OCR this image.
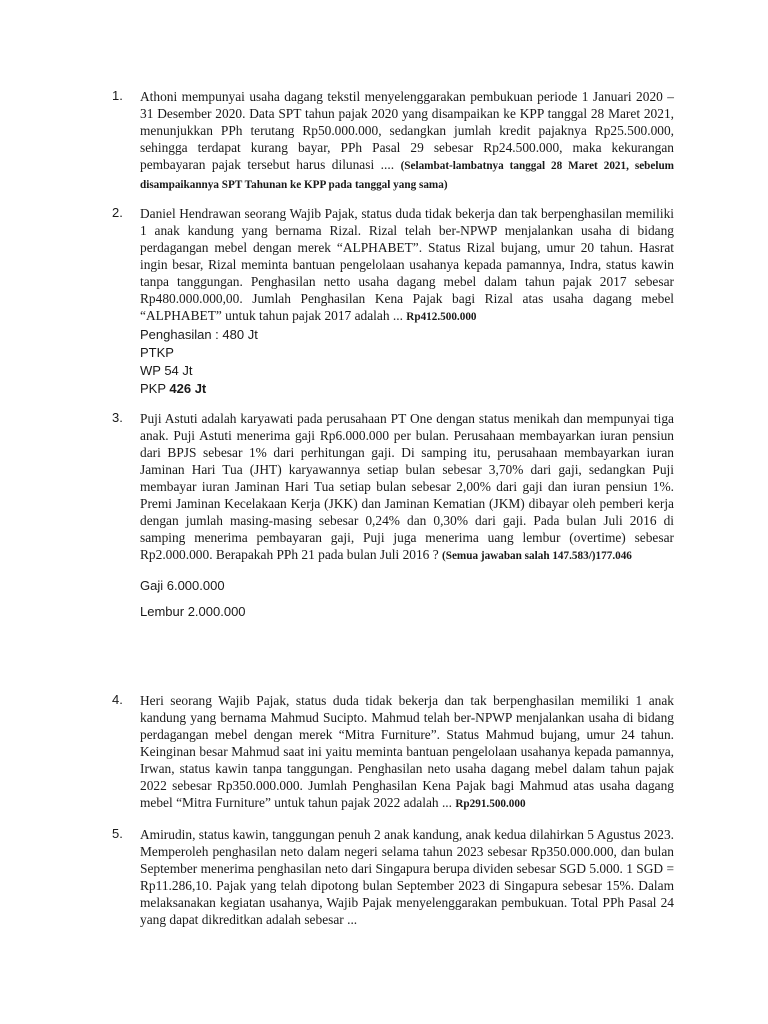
1.	Athoni mempunyai usaha dagang tekstil menyelenggarakan pembukuan periode 1 Januari 2020 – 31 Desember 2020. Data SPT tahun pajak 2020 yang disampaikan ke KPP tanggal 28 Maret 2021, menunjukkan PPh terutang Rp50.000.000, sedangkan jumlah kredit pajaknya Rp25.500.000, sehingga terdapat kurang bayar, PPh Pasal 29 sebesar Rp24.500.000, maka kekurangan pembayaran pajak tersebut harus dilunasi .... (Selambat-lambatnya tanggal 28 Maret 2021, sebelum disampaikannya SPT Tahunan ke KPP pada tanggal yang sama)
2.	Daniel Hendrawan seorang Wajib Pajak, status duda tidak bekerja dan tak berpenghasilan memiliki 1 anak kandung yang bernama Rizal. Rizal telah ber-NPWP menjalankan usaha di bidang perdagangan mebel dengan merek “ALPHABET”. Status Rizal bujang, umur 20 tahun. Hasrat ingin besar, Rizal meminta bantuan pengelolaan usahanya kepada pamannya, Indra, status kawin tanpa tanggungan. Penghasilan netto usaha dagang mebel dalam tahun pajak 2017 sebesar Rp480.000.000,00. Jumlah Penghasilan Kena Pajak bagi Rizal atas usaha dagang mebel “ALPHABET” untuk tahun pajak 2017 adalah ... Rp412.500.000
Penghasilan : 480 Jt
PTKP
WP 54 Jt
PKP 426 Jt
3.	Puji Astuti adalah karyawati pada perusahaan PT One dengan status menikah dan mempunyai tiga anak. Puji Astuti menerima gaji Rp6.000.000 per bulan. Perusahaan membayarkan iuran pensiun dari BPJS sebesar 1% dari perhitungan gaji. Di samping itu, perusahaan membayarkan iuran Jaminan Hari Tua (JHT) karyawannya setiap bulan sebesar 3,70% dari gaji, sedangkan Puji membayar iuran Jaminan Hari Tua setiap bulan sebesar 2,00% dari gaji dan iuran pensiun 1%. Premi Jaminan Kecelakaan Kerja (JKK) dan Jaminan Kematian (JKM) dibayar oleh pemberi kerja dengan jumlah masing-masing sebesar 0,24% dan 0,30% dari gaji. Pada bulan Juli 2016 di samping menerima pembayaran gaji, Puji juga menerima uang lembur (overtime) sebesar Rp2.000.000. Berapakah PPh 21 pada bulan Juli 2016 ? (Semua jawaban salah 147.583/)177.046
Gaji 6.000.000
Lembur 2.000.000
4.	Heri seorang Wajib Pajak, status duda tidak bekerja dan tak berpenghasilan memiliki 1 anak kandung yang bernama Mahmud Sucipto. Mahmud telah ber-NPWP menjalankan usaha di bidang perdagangan mebel dengan merek “Mitra Furniture”. Status Mahmud bujang, umur 24 tahun. Keinginan besar Mahmud saat ini yaitu meminta bantuan pengelolaan usahanya kepada pamannya, Irwan, status kawin tanpa tanggungan. Penghasilan neto usaha dagang mebel dalam tahun pajak 2022 sebesar Rp350.000.000. Jumlah Penghasilan Kena Pajak bagi Mahmud atas usaha dagang mebel “Mitra Furniture” untuk tahun pajak 2022 adalah ... Rp291.500.000
5.	Amirudin, status kawin, tanggungan penuh 2 anak kandung, anak kedua dilahirkan 5 Agustus 2023. Memperoleh penghasilan neto dalam negeri selama tahun 2023 sebesar Rp350.000.000, dan bulan September menerima penghasilan neto dari Singapura berupa dividen sebesar SGD 5.000. 1 SGD = Rp11.286,10. Pajak yang telah dipotong bulan September 2023 di Singapura sebesar 15%. Dalam melaksanakan kegiatan usahanya, Wajib Pajak menyelenggarakan pembukuan. Total PPh Pasal 24 yang dapat dikreditkan adalah sebesar ...
